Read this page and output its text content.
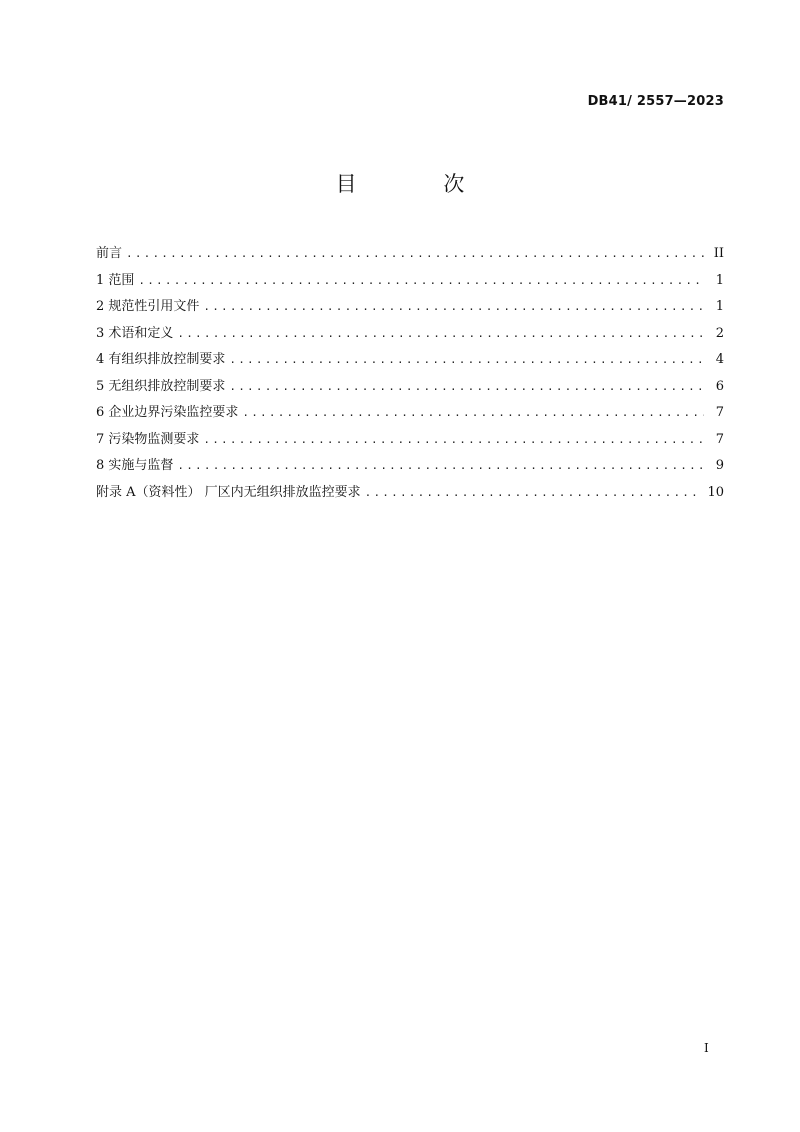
DB41/ 2557—2023
目 次
前言 .....	II
1 范围 .....	1
2 规范性引用文件 .....	1
3 术语和定义 .....	2
4 有组织排放控制要求 .....	4
5 无组织排放控制要求 .....	6
6 企业边界污染监控要求 .....	7
7 污染物监测要求 .....	7
8 实施与监督 .....	9
附录 A（资料性） 厂区内无组织排放监控要求 .....	10
I
